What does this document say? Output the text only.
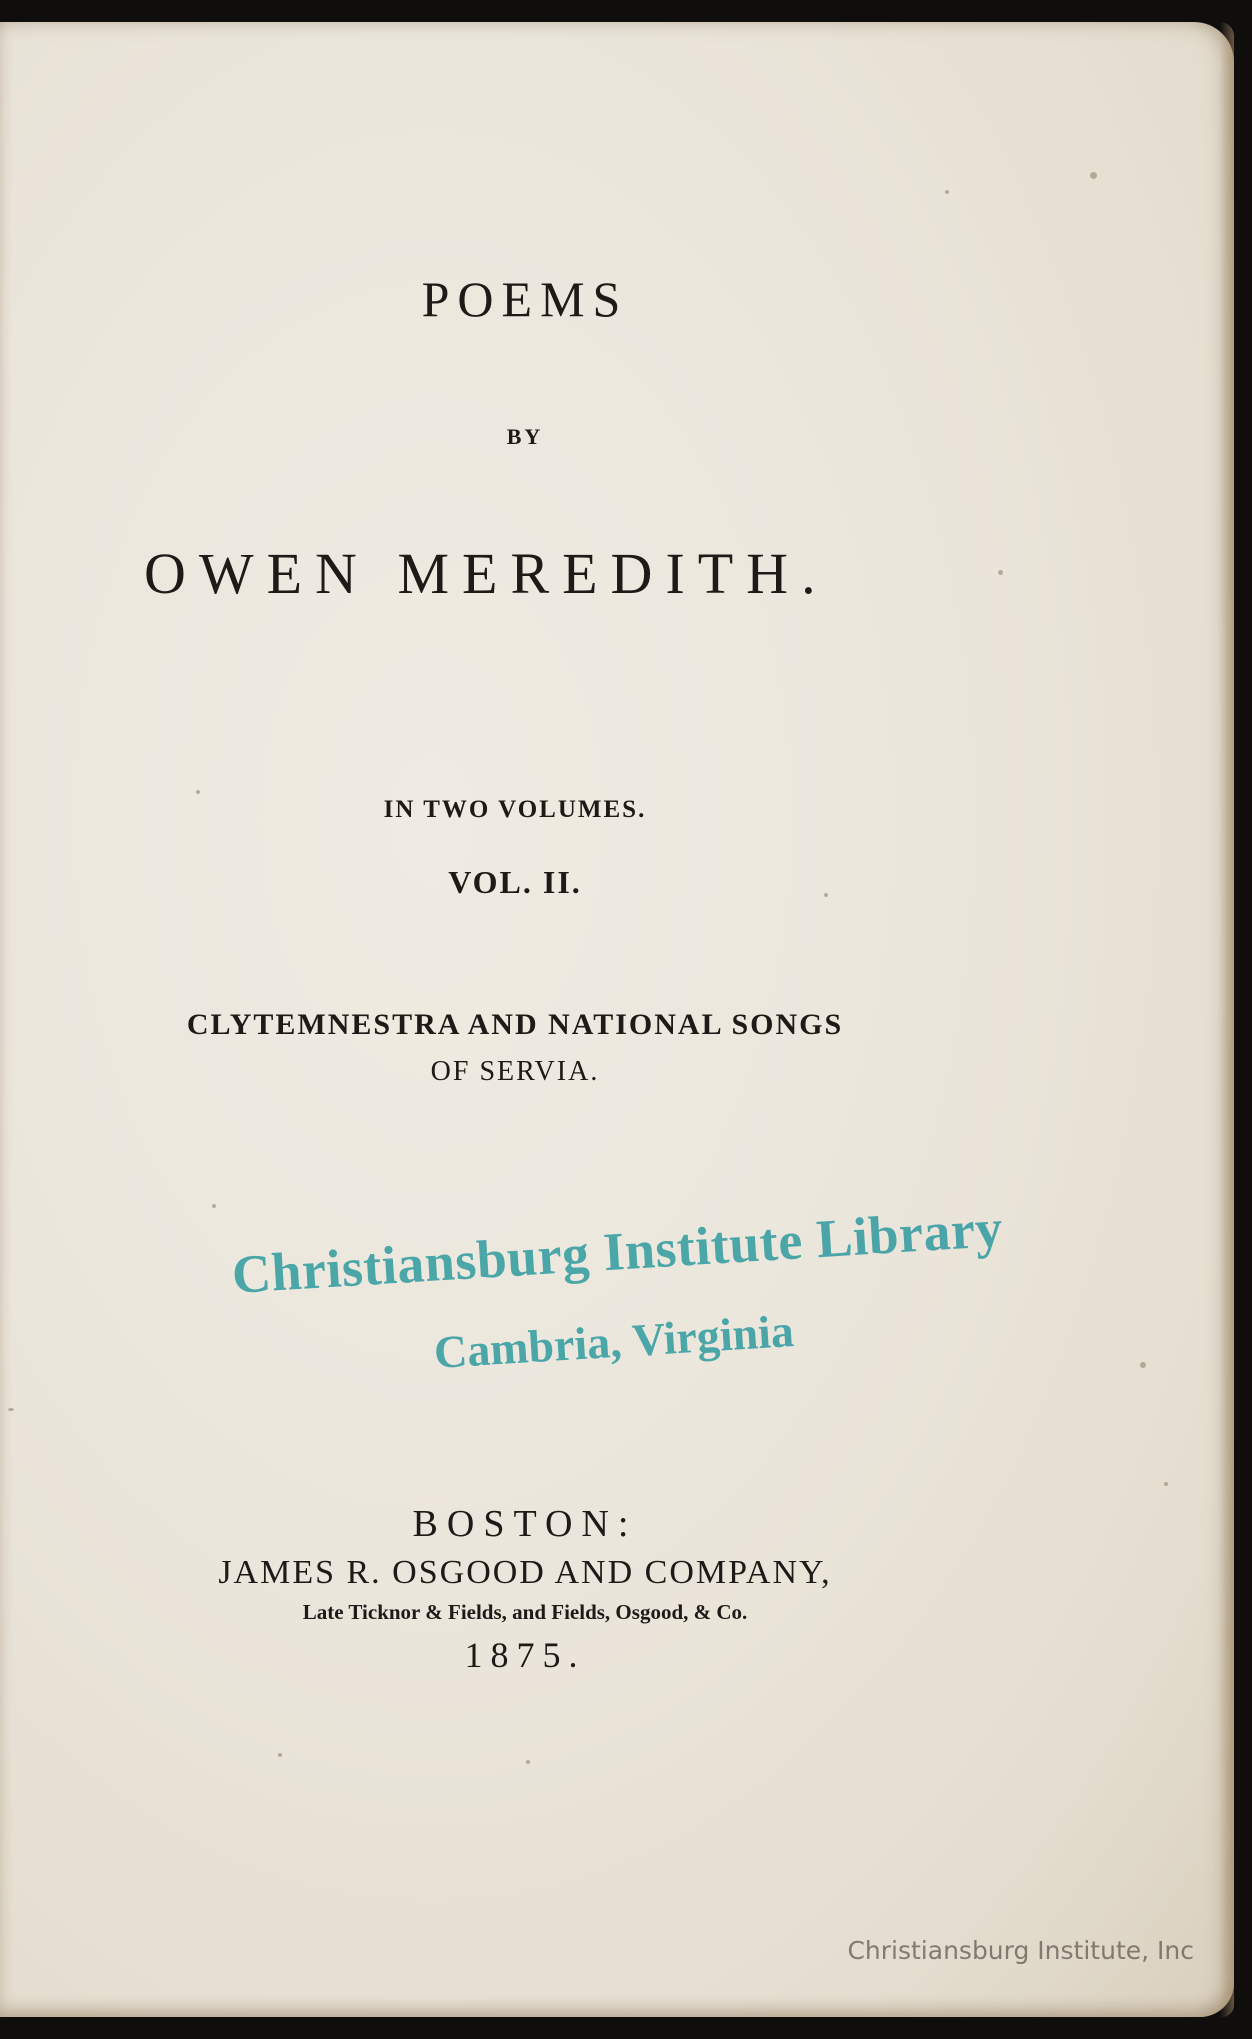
POEMS
BY
OWEN MEREDITH.
IN TWO VOLUMES.
VOL. II.
CLYTEMNESTRA AND NATIONAL SONGS
OF SERVIA.
Christiansburg Institute Library
Cambria, Virginia
BOSTON:
JAMES R. OSGOOD AND COMPANY,
Late Ticknor & Fields, and Fields, Osgood, & Co.
1875.
Christiansburg Institute, Inc
